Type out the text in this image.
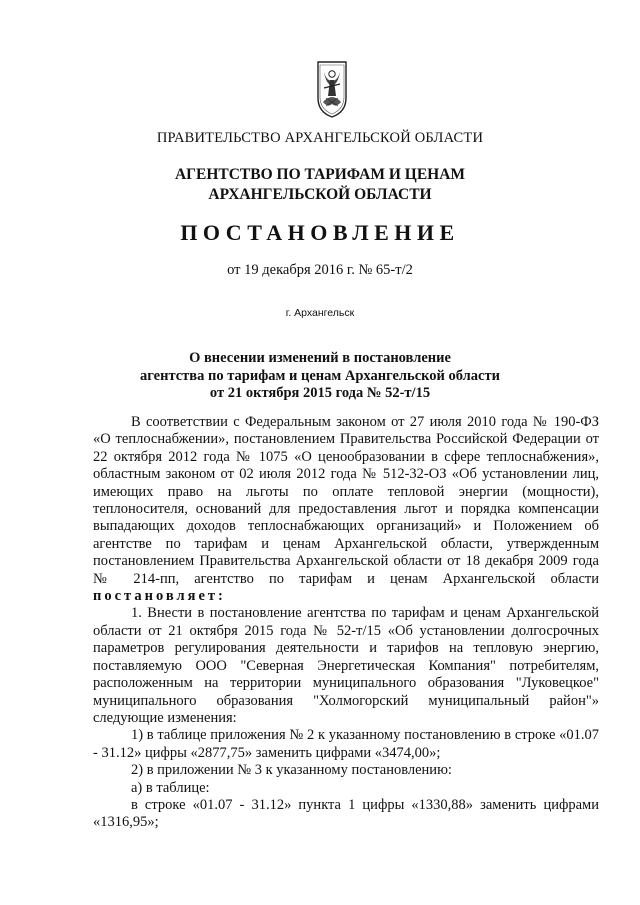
ПРАВИТЕЛЬСТВО АРХАНГЕЛЬСКОЙ ОБЛАСТИ
АГЕНТСТВО ПО ТАРИФАМ И ЦЕНАМ
АРХАНГЕЛЬСКОЙ ОБЛАСТИ
ПОСТАНОВЛЕНИЕ
от 19 декабря 2016 г. № 65-т/2
г. Архангельск
О внесении изменений в постановление
агентства по тарифам и ценам Архангельской области
от 21 октября 2015 года № 52-т/15

В соответствии с Федеральным законом от 27 июля 2010 года № 190-ФЗ «О теплоснабжении», постановлением Правительства Российской Федерации от 22 октября 2012 года № 1075 «О ценообразовании в сфере теплоснабжения», областным законом от 02 июля 2012 года № 512-32-ОЗ «Об установлении лиц, имеющих право на льготы по оплате тепловой энергии (мощности), теплоносителя, оснований для предоставления льгот и порядка компенсации выпадающих доходов теплоснабжающих организаций» и Положением об агентстве по тарифам и ценам Архангельской области, утвержденным постановлением Правительства Архангельской области от 18 декабря 2009 года № 214-пп, агентство по тарифам и ценам Архангельской области постановляет:

1. Внести в постановление агентства по тарифам и ценам Архангельской области от 21 октября 2015 года № 52-т/15 «Об установлении долгосрочных параметров регулирования деятельности и тарифов на тепловую энергию, поставляемую ООО "Северная Энергетическая Компания" потребителям, расположенным на территории муниципального образования "Луковецкое" муниципального образования "Холмогорский муниципальный район"» следующие изменения:

1) в таблице приложения № 2 к указанному постановлению в строке «01.07 - 31.12» цифры «2877,75» заменить цифрами «3474,00»;

2) в приложении № 3 к указанному постановлению:

а) в таблице:

в строке «01.07 - 31.12» пункта 1 цифры «1330,88» заменить цифрами «1316,95»;
